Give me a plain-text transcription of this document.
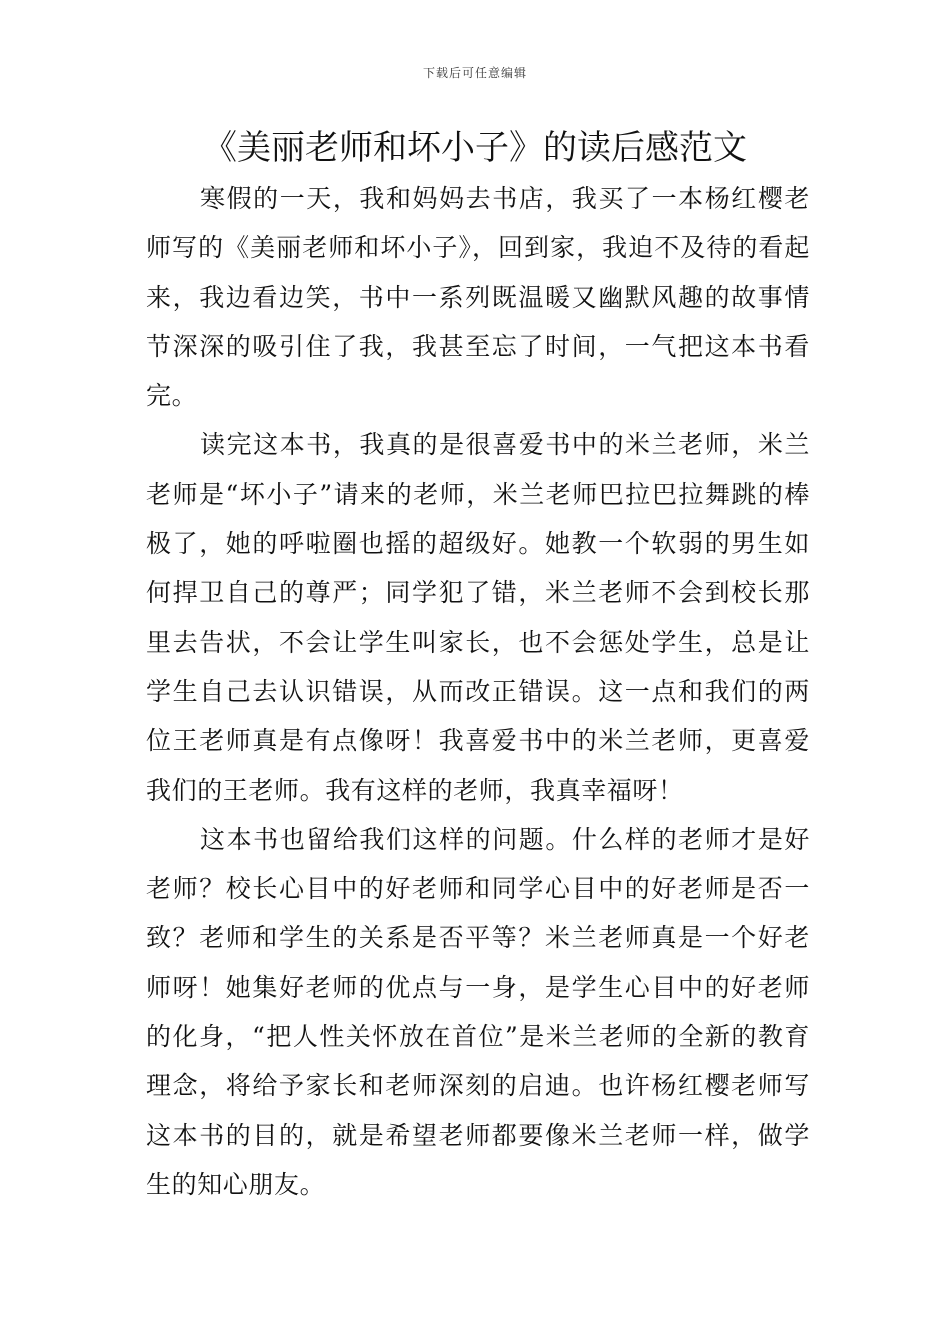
下载后可任意编辑
《美丽老师和坏小子》的读后感范文

寒假的一天，我和妈妈去书店，我买了一本杨红樱老师写的《美丽老师和坏小子》，回到家，我迫不及待的看起来，我边看边笑，书中一系列既温暖又幽默风趣的故事情节深深的吸引住了我，我甚至忘了时间，一气把这本书看完。

读完这本书，我真的是很喜爱书中的米兰老师，米兰老师是“坏小子”请来的老师，米兰老师巴拉巴拉舞跳的棒极了，她的呼啦圈也摇的超级好。她教一个软弱的男生如何捍卫自己的尊严；同学犯了错，米兰老师不会到校长那里去告状，不会让学生叫家长，也不会惩处学生，总是让学生自己去认识错误，从而改正错误。这一点和我们的两位王老师真是有点像呀！我喜爱书中的米兰老师，更喜爱我们的王老师。我有这样的老师，我真幸福呀！

这本书也留给我们这样的问题。什么样的老师才是好老师？校长心目中的好老师和同学心目中的好老师是否一致？老师和学生的关系是否平等？米兰老师真是一个好老师呀！她集好老师的优点与一身，是学生心目中的好老师的化身，“把人性关怀放在首位”是米兰老师的全新的教育理念，将给予家长和老师深刻的启迪。也许杨红樱老师写这本书的目的，就是希望老师都要像米兰老师一样，做学生的知心朋友。
